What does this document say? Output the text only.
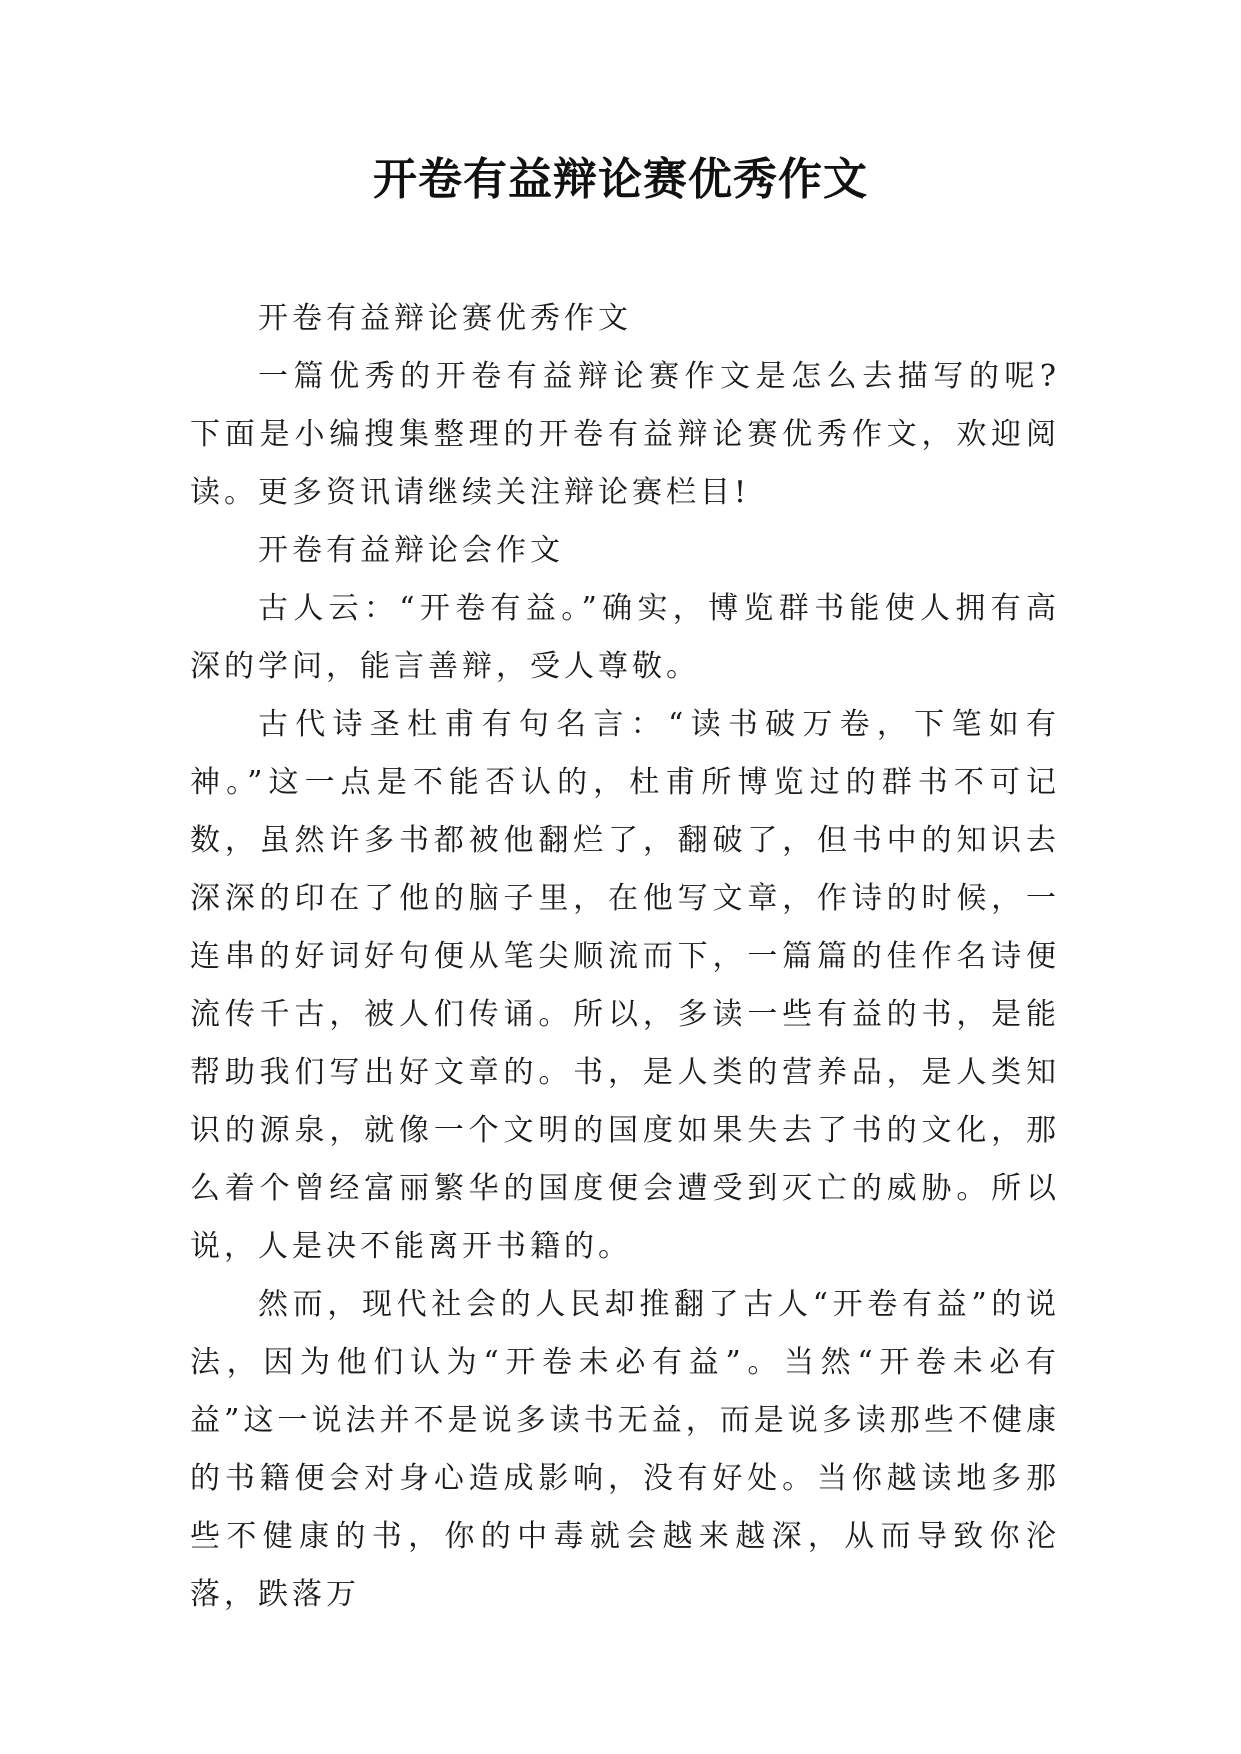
开卷有益辩论赛优秀作文

开卷有益辩论赛优秀作文

一篇优秀的开卷有益辩论赛作文是怎么去描写的呢?下面是小编搜集整理的开卷有益辩论赛优秀作文，欢迎阅读。更多资讯请继续关注辩论赛栏目!

开卷有益辩论会作文

古人云：“开卷有益。”确实，博览群书能使人拥有高深的学问，能言善辩，受人尊敬。

古代诗圣杜甫有句名言：“读书破万卷，下笔如有神。”这一点是不能否认的，杜甫所博览过的群书不可记数，虽然许多书都被他翻烂了，翻破了，但书中的知识去深深的印在了他的脑子里，在他写文章，作诗的时候，一连串的好词好句便从笔尖顺流而下，一篇篇的佳作名诗便流传千古，被人们传诵。所以，多读一些有益的书，是能帮助我们写出好文章的。书，是人类的营养品，是人类知识的源泉，就像一个文明的国度如果失去了书的文化，那么着个曾经富丽繁华的国度便会遭受到灭亡的威胁。所以说，人是决不能离开书籍的。

然而，现代社会的人民却推翻了古人“开卷有益”的说法，因为他们认为“开卷未必有益”。当然“开卷未必有益”这一说法并不是说多读书无益，而是说多读那些不健康的书籍便会对身心造成影响，没有好处。当你越读地多那些不健康的书，你的中毒就会越来越深，从而导致你沦落，跌落万
